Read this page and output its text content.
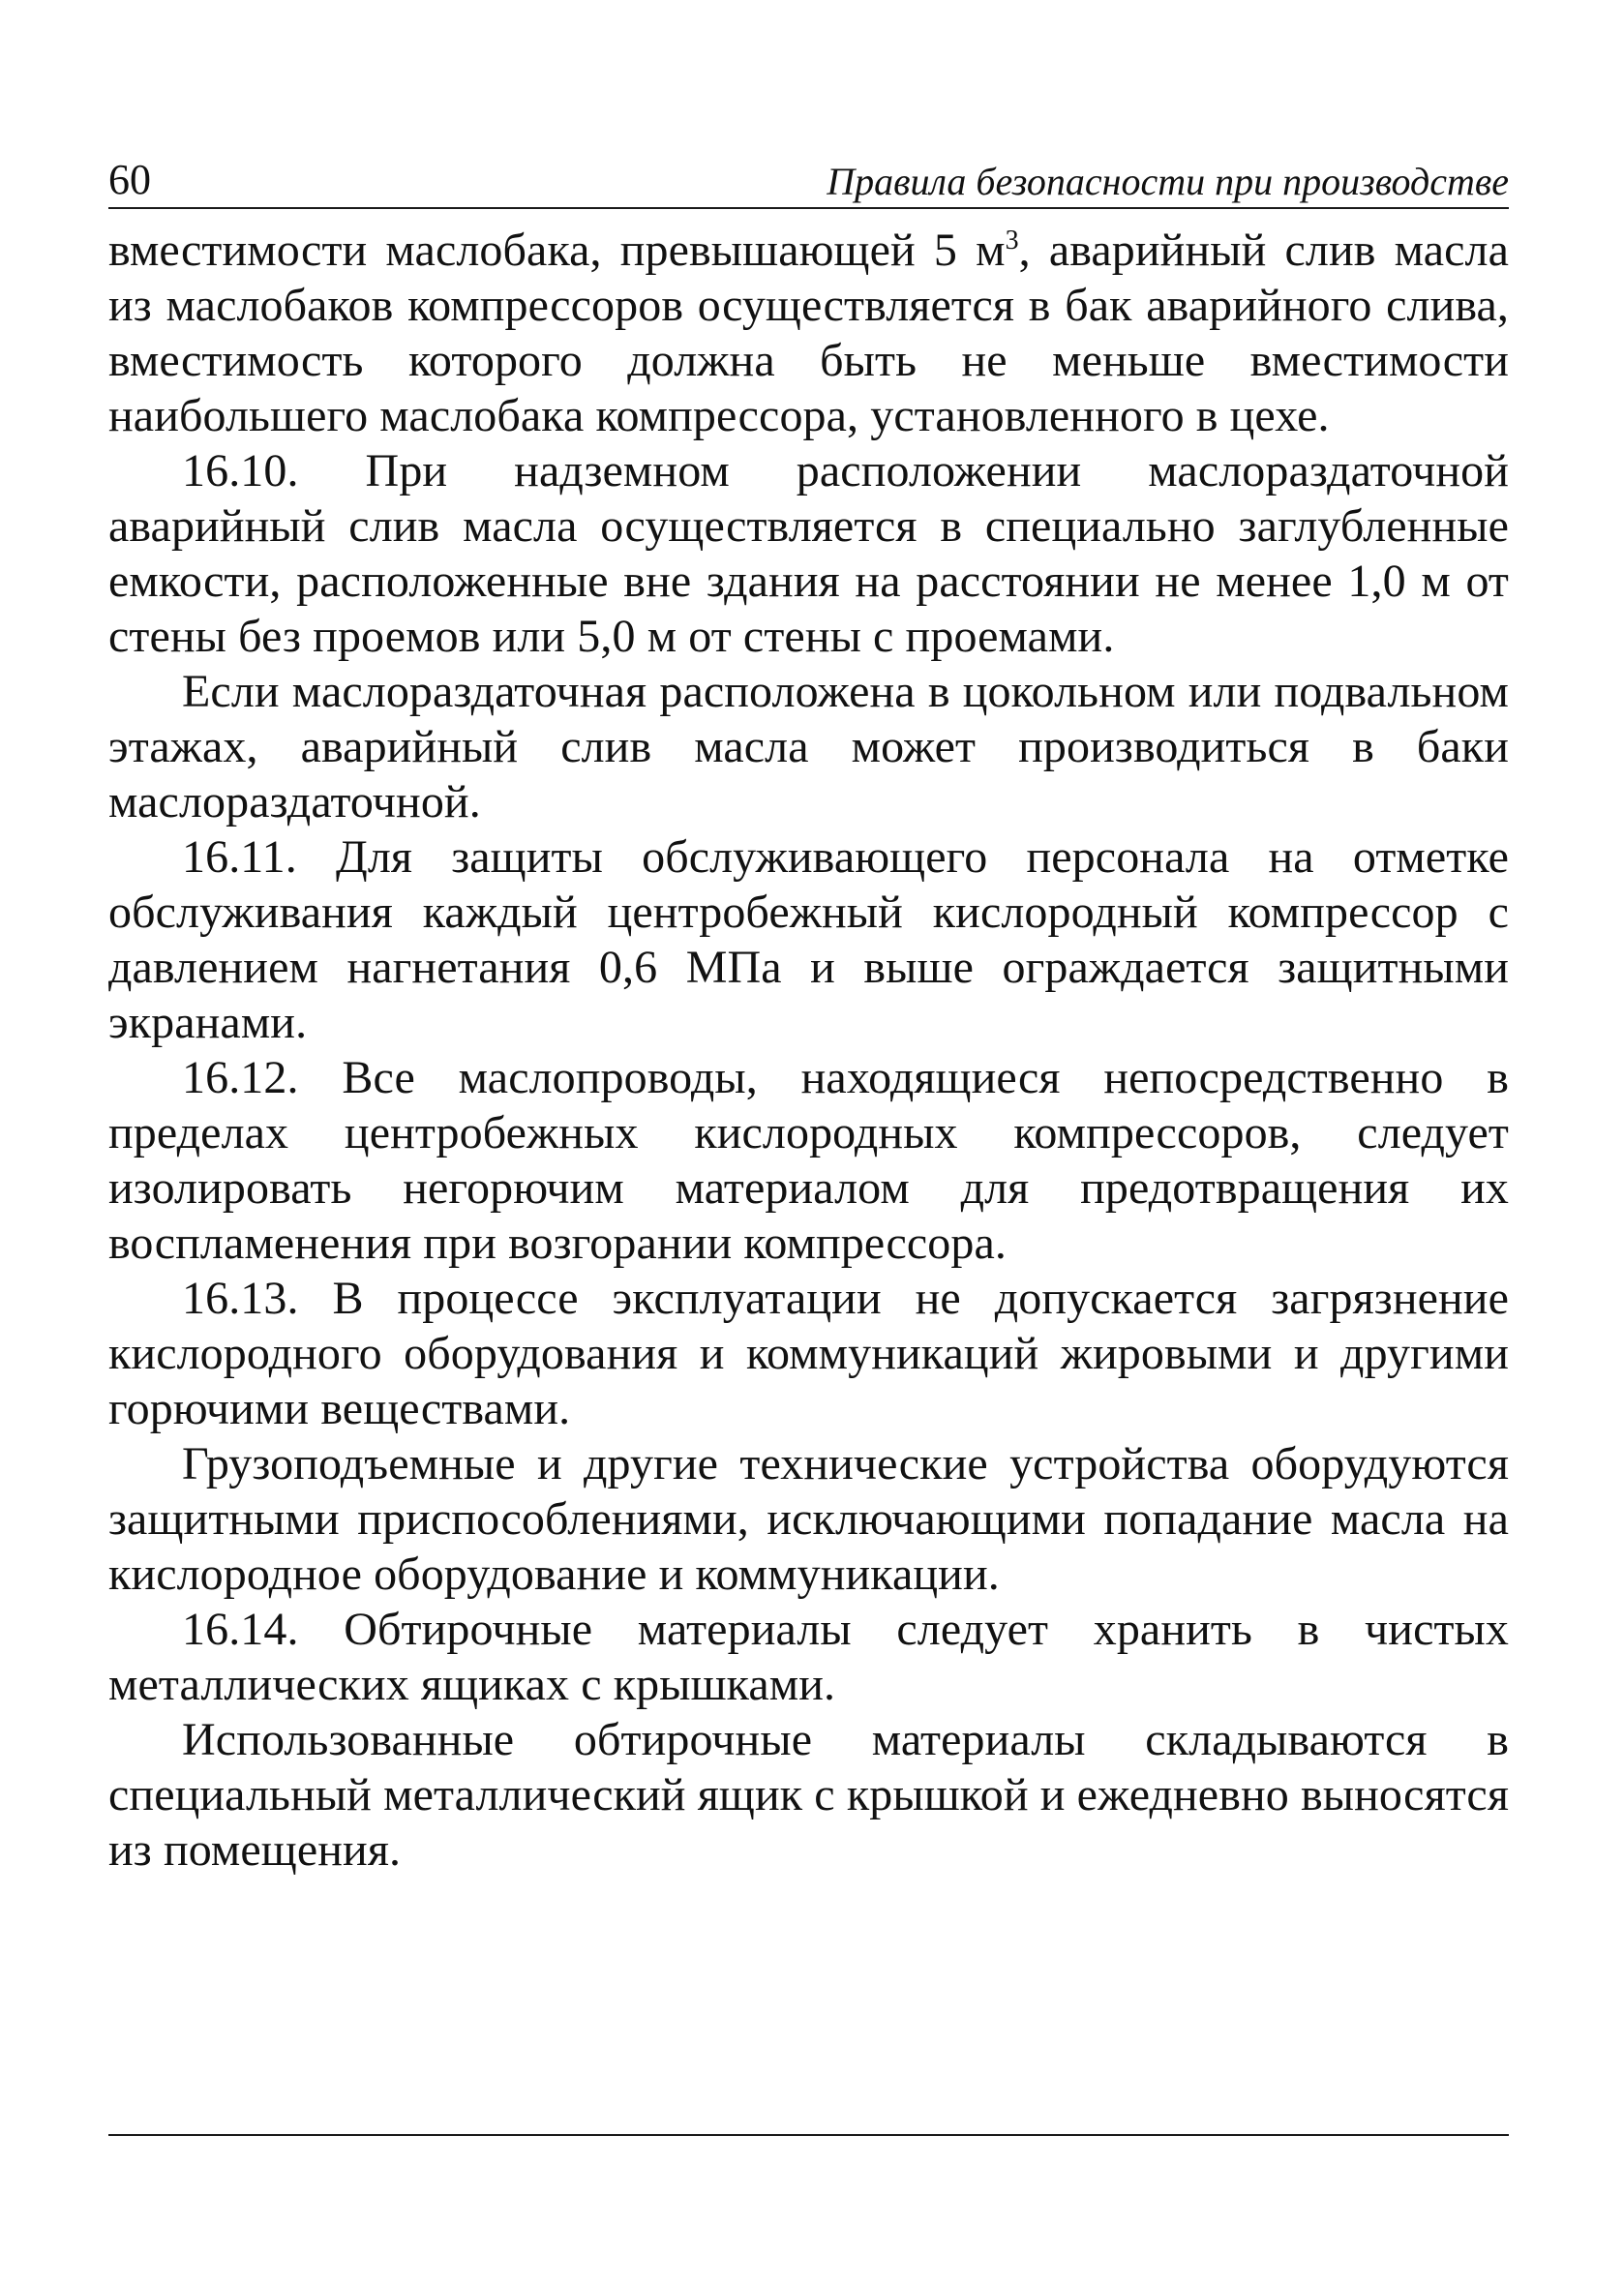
60	Правила безопасности при производстве

вместимости маслобака, превышающей 5 $м^3$, аварийный слив масла из маслобаков компрессоров осуществляется в бак аварийного слива, вместимость которого должна быть не меньше вместимости наибольшего маслобака компрессора, установленного в цехе.

16.10. При надземном расположении маслораздаточной аварийный слив масла осуществляется в специально заглубленные емкости, расположенные вне здания на расстоянии не менее 1,0 м от стены без проемов или 5,0 м от стены с проемами.

Если маслораздаточная расположена в цокольном или подвальном этажах, аварийный слив масла может производиться в баки маслораздаточной.

16.11. Для защиты обслуживающего персонала на отметке обслуживания каждый центробежный кислородный компрессор с давлением нагнетания 0,6 МПа и выше ограждается защитными экранами.

16.12. Все маслопроводы, находящиеся непосредственно в пределах центробежных кислородных компрессоров, следует изолировать негорючим материалом для предотвращения их воспламенения при возгорании компрессора.

16.13. В процессе эксплуатации не допускается загрязнение кислородного оборудования и коммуникаций жировыми и другими горючими веществами.

Грузоподъемные и другие технические устройства оборудуются защитными приспособлениями, исключающими попадание масла на кислородное оборудование и коммуникации.

16.14. Обтирочные материалы следует хранить в чистых металлических ящиках с крышками.

Использованные обтирочные материалы складываются в специальный металлический ящик с крышкой и ежедневно выносятся из помещения.
